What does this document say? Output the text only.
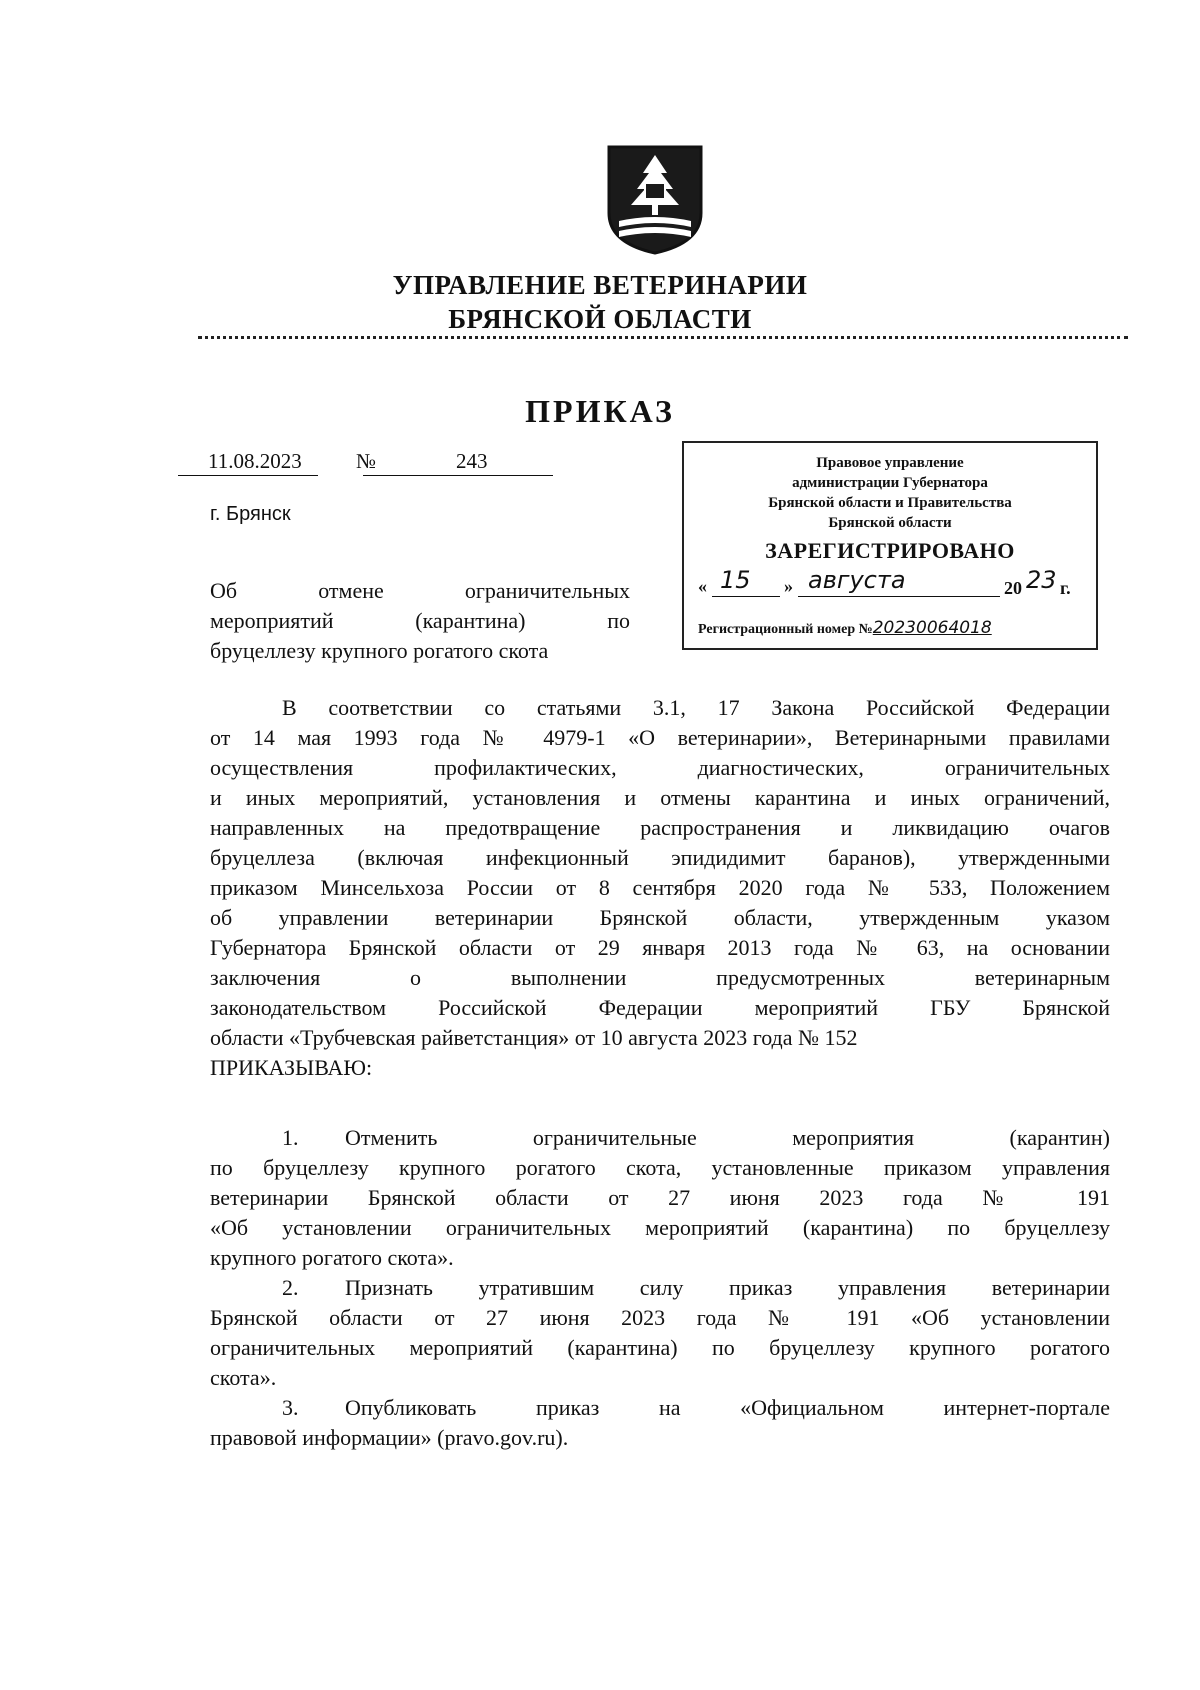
УПРАВЛЕНИЕ ВЕТЕРИНАРИИ
БРЯНСКОЙ ОБЛАСТИ
ПРИКАЗ
11.08.2023	№	243
г. Брянск
Об отмене ограничительных
мероприятий (карантина) по
бруцеллезу крупного рогатого скота
Правовое управление
администрации Губернатора
Брянской области и Правительства
Брянской области
ЗАРЕГИСТРИРОВАНО
« 15 » августа	20 23 г.
Регистрационный номер №20230064018
В соответствии со статьями 3.1, 17 Закона Российской Федерации
от 14 мая 1993 года № 4979-1 «О ветеринарии», Ветеринарными правилами
осуществления профилактических, диагностических, ограничительных
и иных мероприятий, установления и отмены карантина и иных ограничений,
направленных на предотвращение распространения и ликвидацию очагов
бруцеллеза (включая инфекционный эпидидимит баранов), утвержденными
приказом Минсельхоза России от 8 сентября 2020 года № 533, Положением
об управлении ветеринарии Брянской области, утвержденным указом
Губернатора Брянской области от 29 января 2013 года № 63, на основании
заключения о выполнении предусмотренных ветеринарным
законодательством Российской Федерации мероприятий ГБУ Брянской
области «Трубчевская райветстанция» от 10 августа 2023 года № 152
ПРИКАЗЫВАЮ:
1.	Отменить ограничительные мероприятия (карантин)
по бруцеллезу крупного рогатого скота, установленные приказом управления
ветеринарии Брянской области от 27 июня 2023 года № 191
«Об установлении ограничительных мероприятий (карантина) по бруцеллезу
крупного рогатого скота».
2.	Признать утратившим силу приказ управления ветеринарии
Брянской области от 27 июня 2023 года № 191 «Об установлении
ограничительных мероприятий (карантина) по бруцеллезу крупного рогатого
скота».
3.	Опубликовать приказ на «Официальном интернет-портале
правовой информации» (pravo.gov.ru).
